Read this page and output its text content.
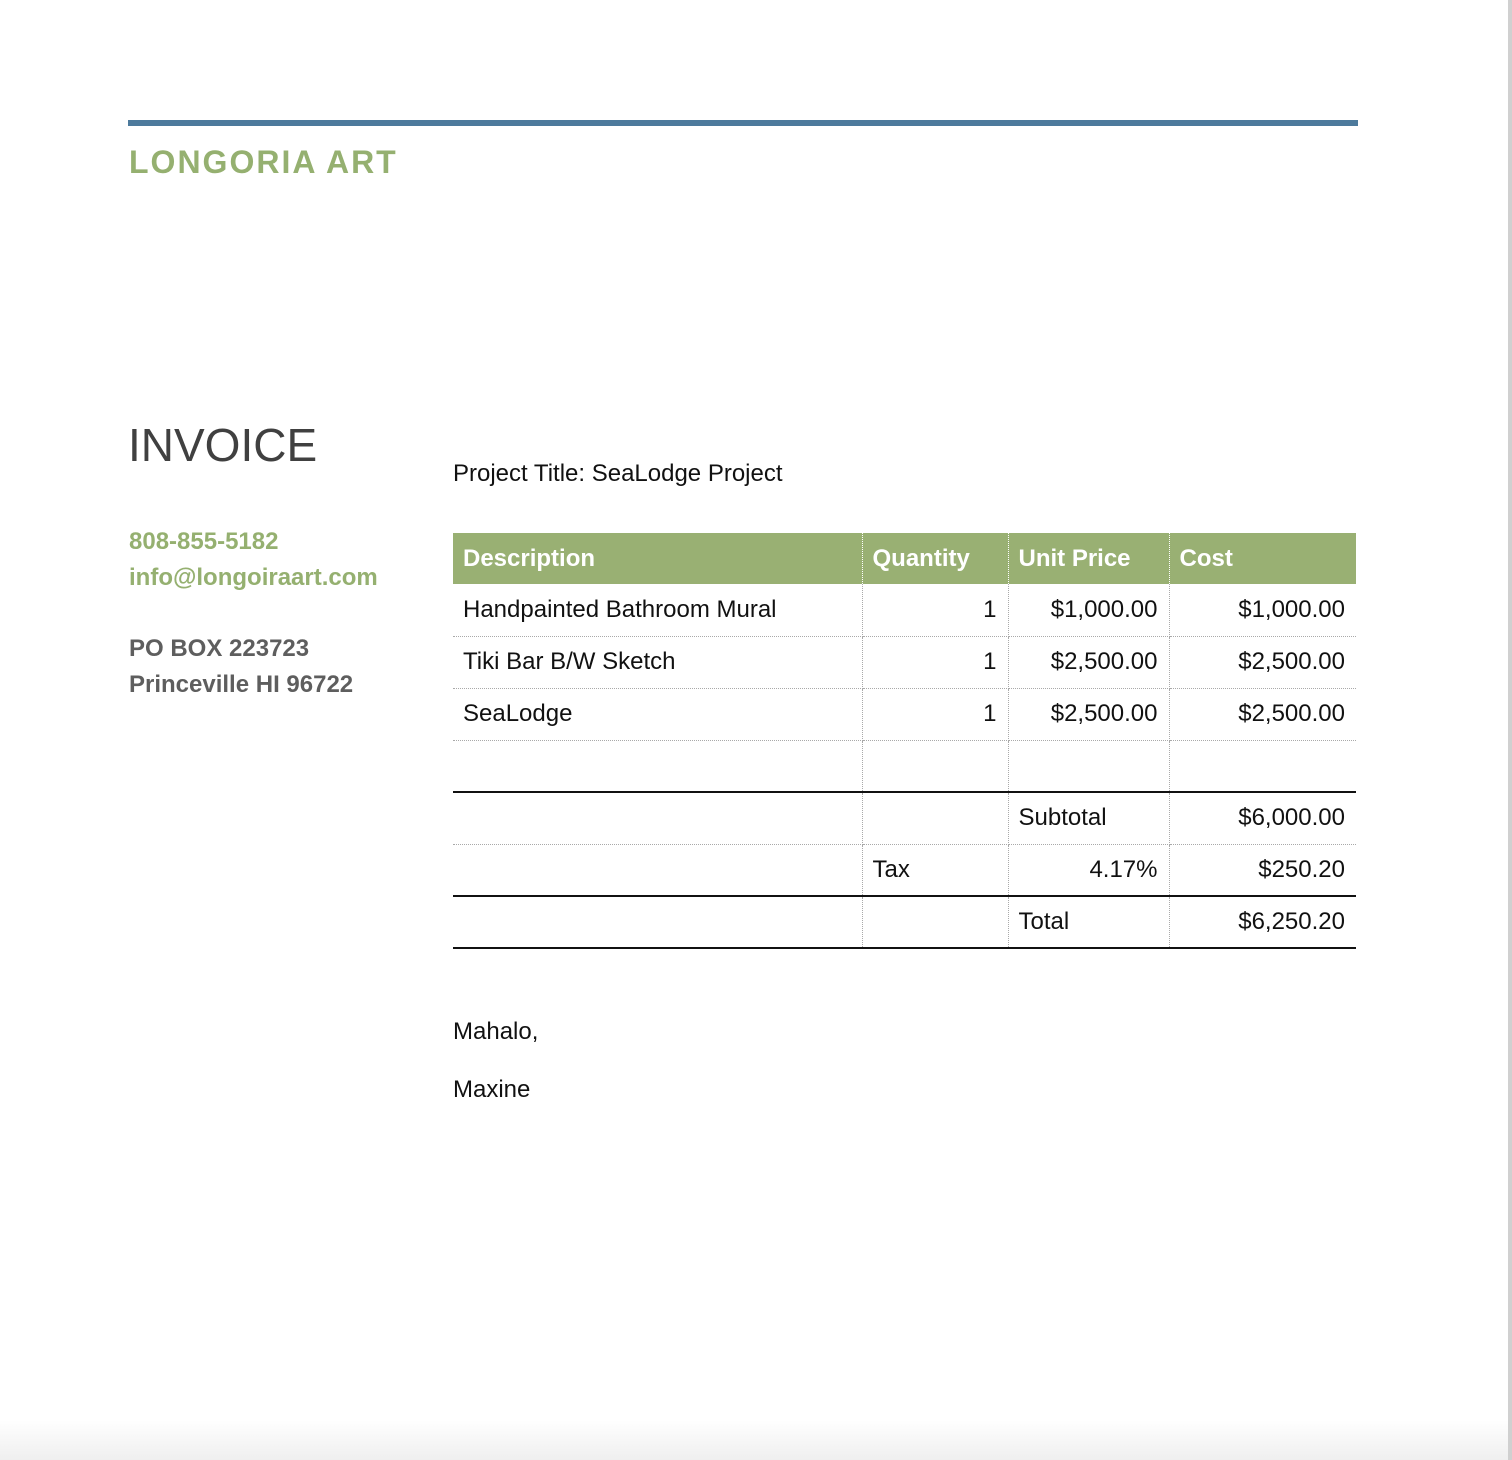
LONGORIA ART
INVOICE
808-855-5182
info@longoiraart.com
PO BOX 223723
Princeville HI 96722
Project Title: SeaLodge Project
Description	Quantity	Unit Price	Cost
Handpainted Bathroom Mural	1	$1,000.00	$1,000.00
Tiki Bar B/W Sketch	1	$2,500.00	$2,500.00
SeaLodge	1	$2,500.00	$2,500.00

		Subtotal	$6,000.00
	Tax	4.17%	$250.20
		Total	$6,250.20
Mahalo,
Maxine
